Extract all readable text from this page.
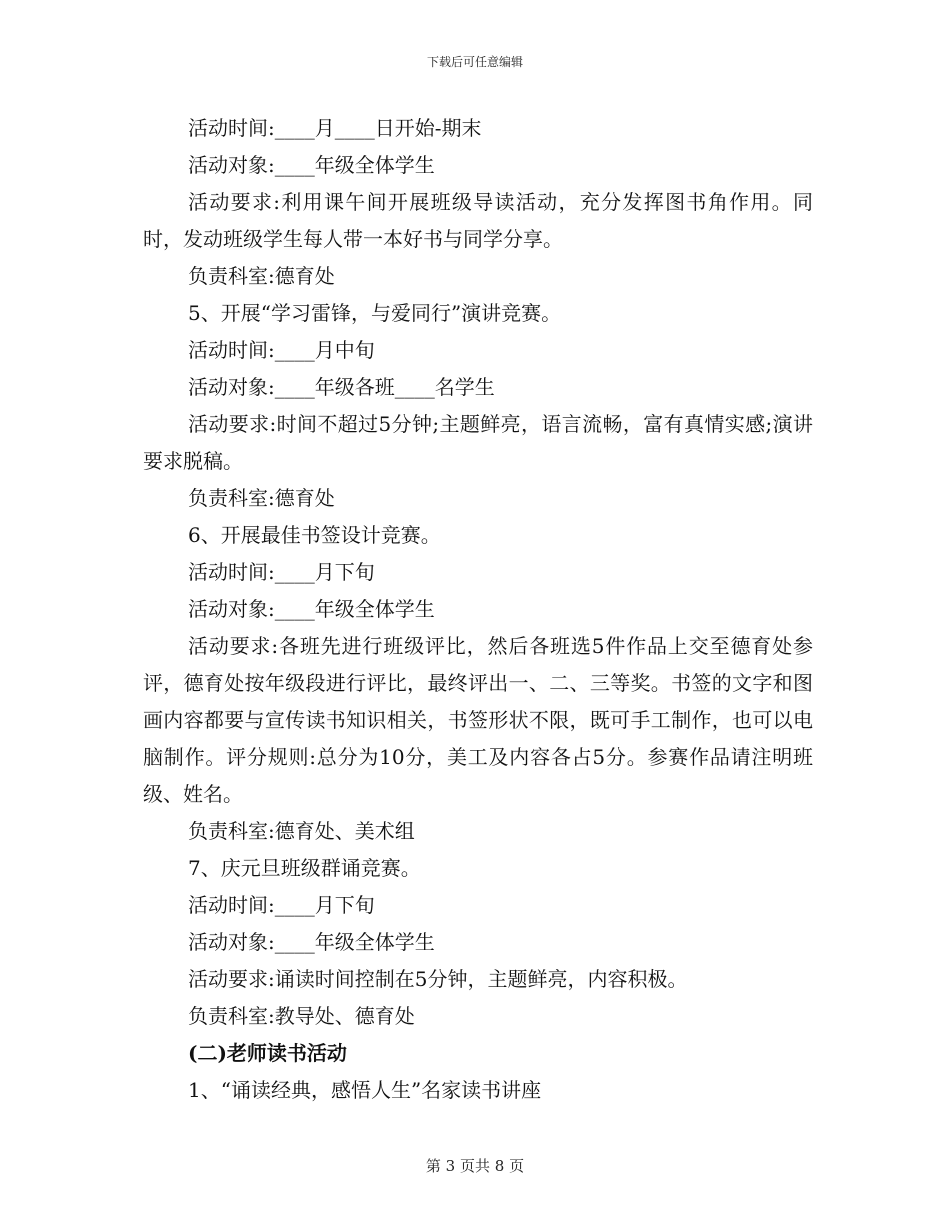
下载后可任意编辑
活动时间:____月____日开始-期末
活动对象:____年级全体学生
活动要求:利用课午间开展班级导读活动，充分发挥图书角作用。同时，发动班级学生每人带一本好书与同学分享。
负责科室:德育处
5、开展“学习雷锋，与爱同行”演讲竞赛。
活动时间:____月中旬
活动对象:____年级各班____名学生
活动要求:时间不超过5分钟;主题鲜亮，语言流畅，富有真情实感;演讲要求脱稿。
负责科室:德育处
6、开展最佳书签设计竞赛。
活动时间:____月下旬
活动对象:____年级全体学生
活动要求:各班先进行班级评比，然后各班选5件作品上交至德育处参评，德育处按年级段进行评比，最终评出一、二、三等奖。书签的文字和图画内容都要与宣传读书知识相关，书签形状不限，既可手工制作，也可以电脑制作。评分规则:总分为10分，美工及内容各占5分。参赛作品请注明班级、姓名。
负责科室:德育处、美术组
7、庆元旦班级群诵竞赛。
活动时间:____月下旬
活动对象:____年级全体学生
活动要求:诵读时间控制在5分钟，主题鲜亮，内容积极。
负责科室:教导处、德育处
(二)老师读书活动
1、“诵读经典，感悟人生”名家读书讲座
第 3 页共 8 页
